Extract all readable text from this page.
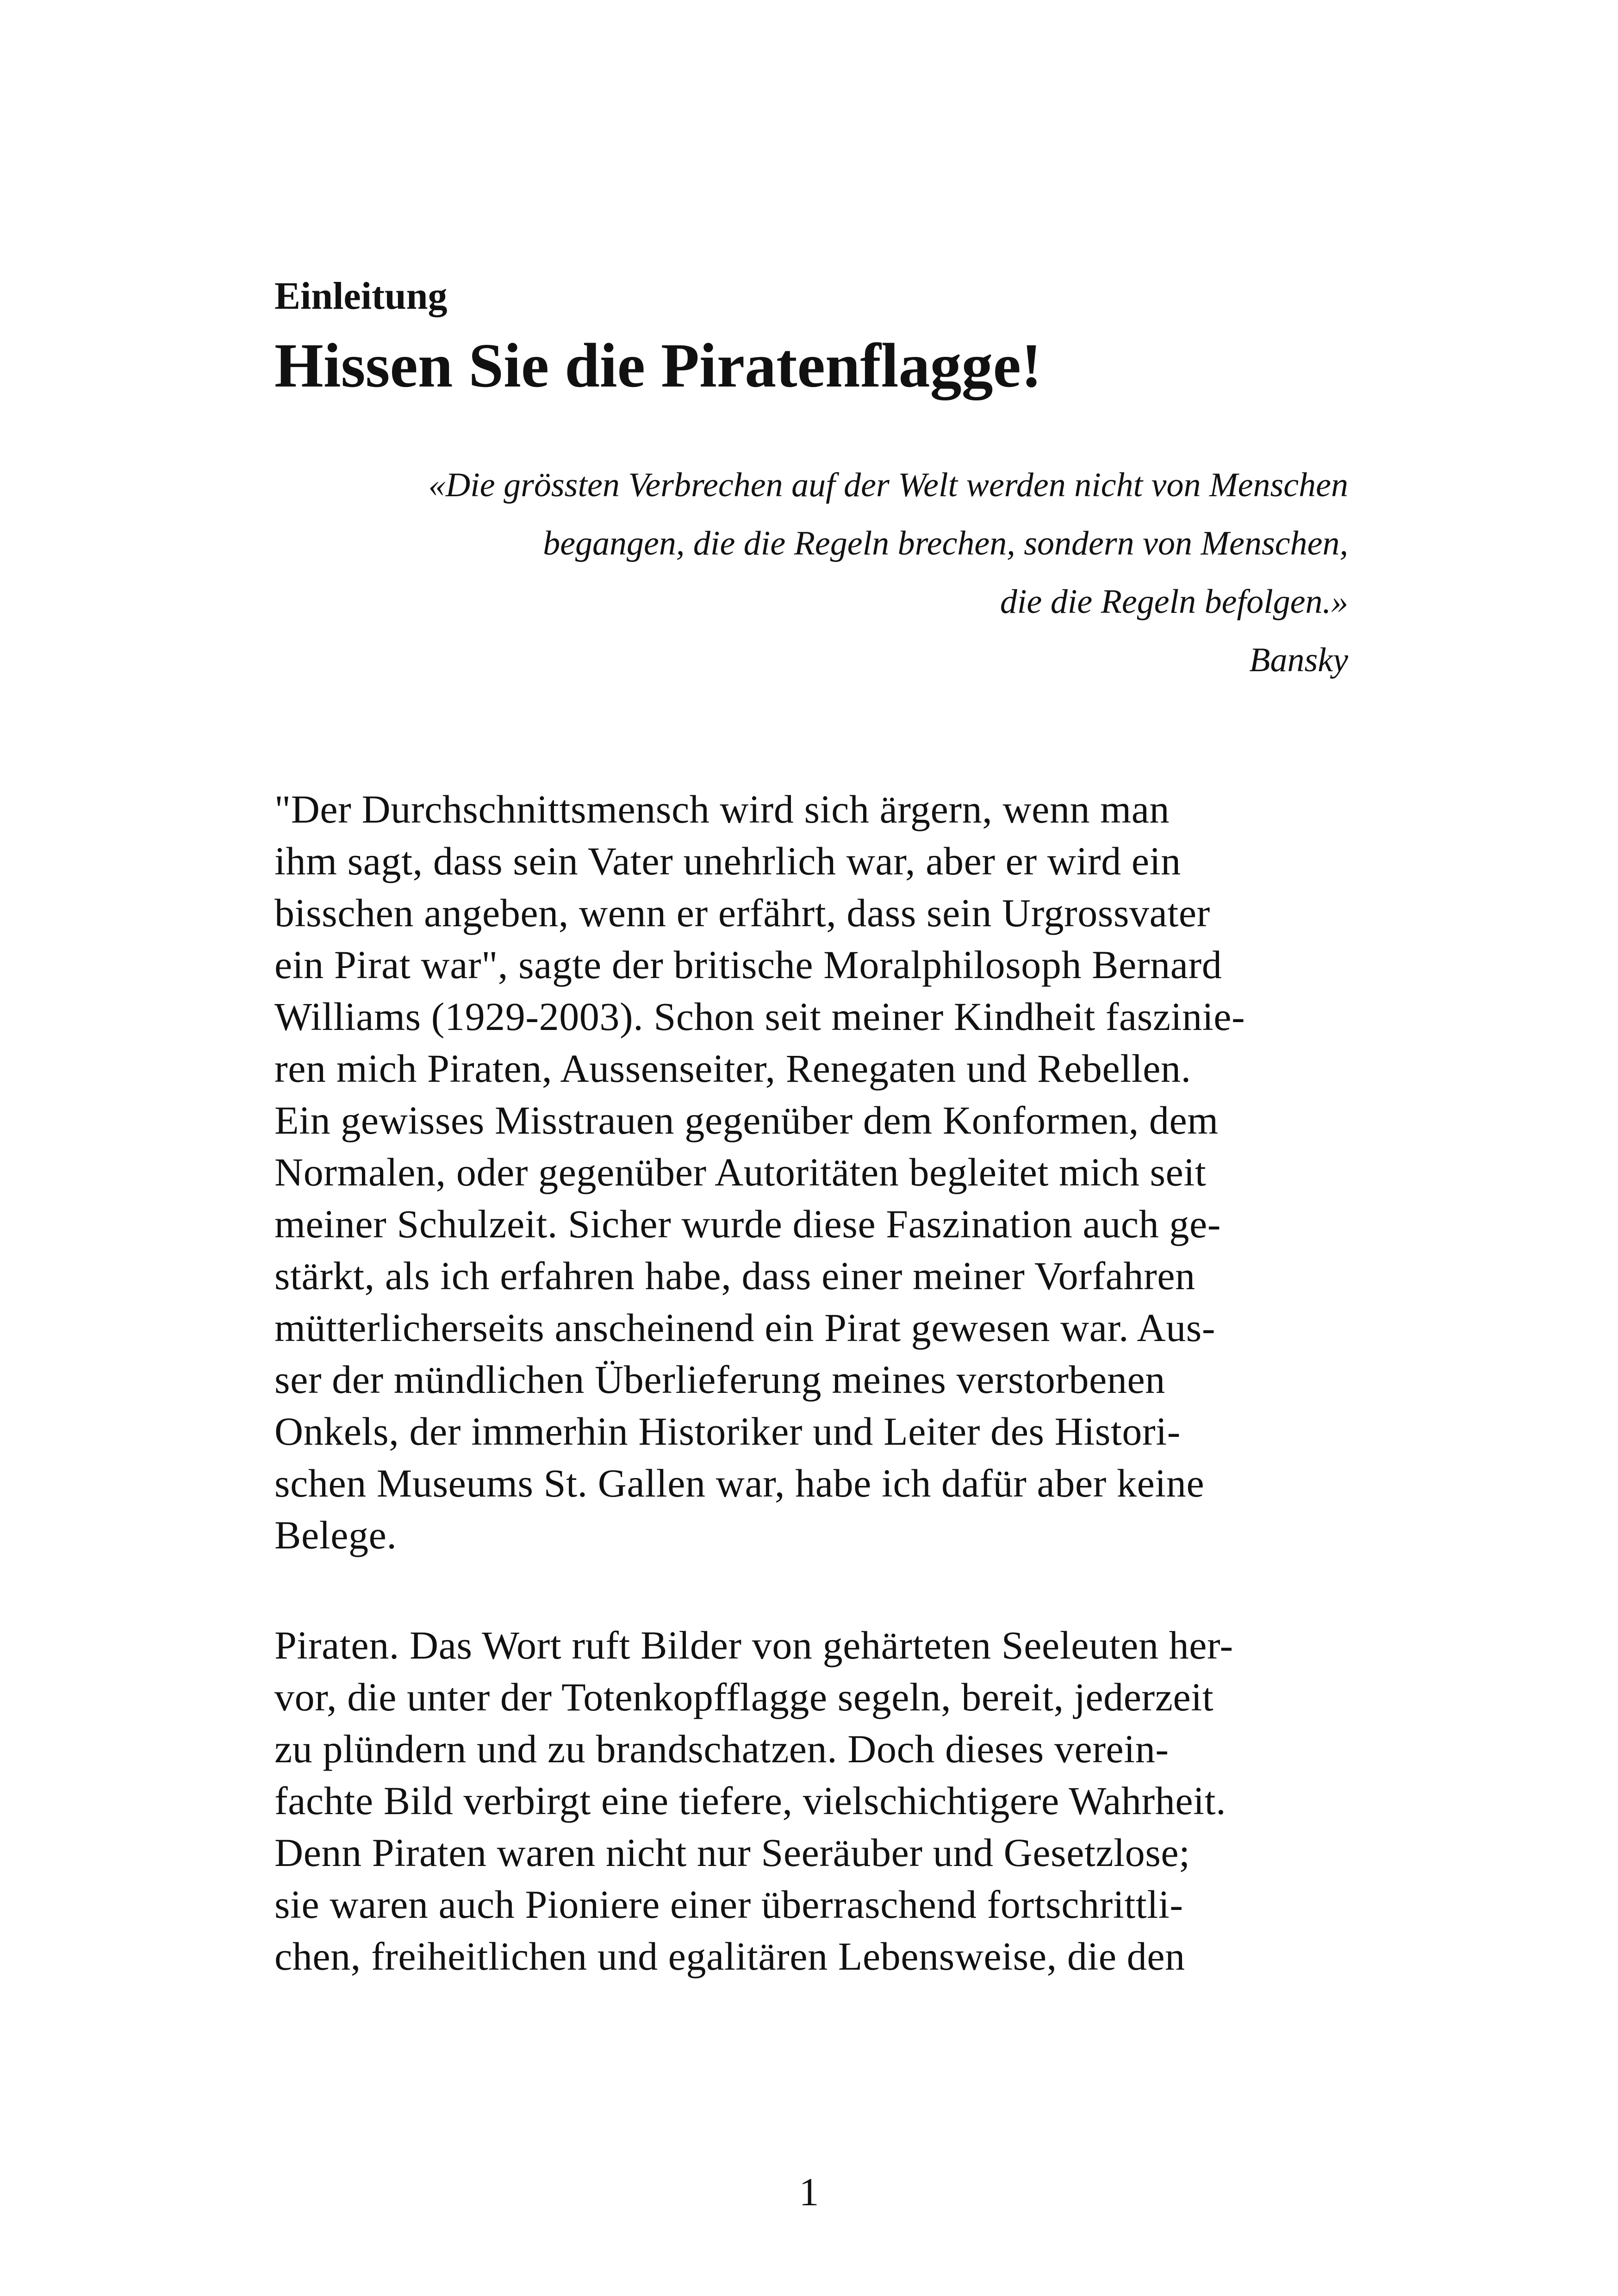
Einleitung
Hissen Sie die Piratenflagge!
«Die grössten Verbrechen auf der Welt werden nicht von Menschen
begangen, die die Regeln brechen, sondern von Menschen,
die die Regeln befolgen.»
Bansky
"Der Durchschnittsmensch wird sich ärgern, wenn man
ihm sagt, dass sein Vater unehrlich war, aber er wird ein
bisschen angeben, wenn er erfährt, dass sein Urgrossvater
ein Pirat war", sagte der britische Moralphilosoph Bernard
Williams (1929-2003). Schon seit meiner Kindheit faszinie-
ren mich Piraten, Aussenseiter, Renegaten und Rebellen.
Ein gewisses Misstrauen gegenüber dem Konformen, dem
Normalen, oder gegenüber Autoritäten begleitet mich seit
meiner Schulzeit. Sicher wurde diese Faszination auch ge-
stärkt, als ich erfahren habe, dass einer meiner Vorfahren
mütterlicherseits anscheinend ein Pirat gewesen war. Aus-
ser der mündlichen Überlieferung meines verstorbenen
Onkels, der immerhin Historiker und Leiter des Histori-
schen Museums St. Gallen war, habe ich dafür aber keine
Belege.
Piraten. Das Wort ruft Bilder von gehärteten Seeleuten her-
vor, die unter der Totenkopfflagge segeln, bereit, jederzeit
zu plündern und zu brandschatzen. Doch dieses verein-
fachte Bild verbirgt eine tiefere, vielschichtigere Wahrheit.
Denn Piraten waren nicht nur Seeräuber und Gesetzlose;
sie waren auch Pioniere einer überraschend fortschrittli-
chen, freiheitlichen und egalitären Lebensweise, die den
1
